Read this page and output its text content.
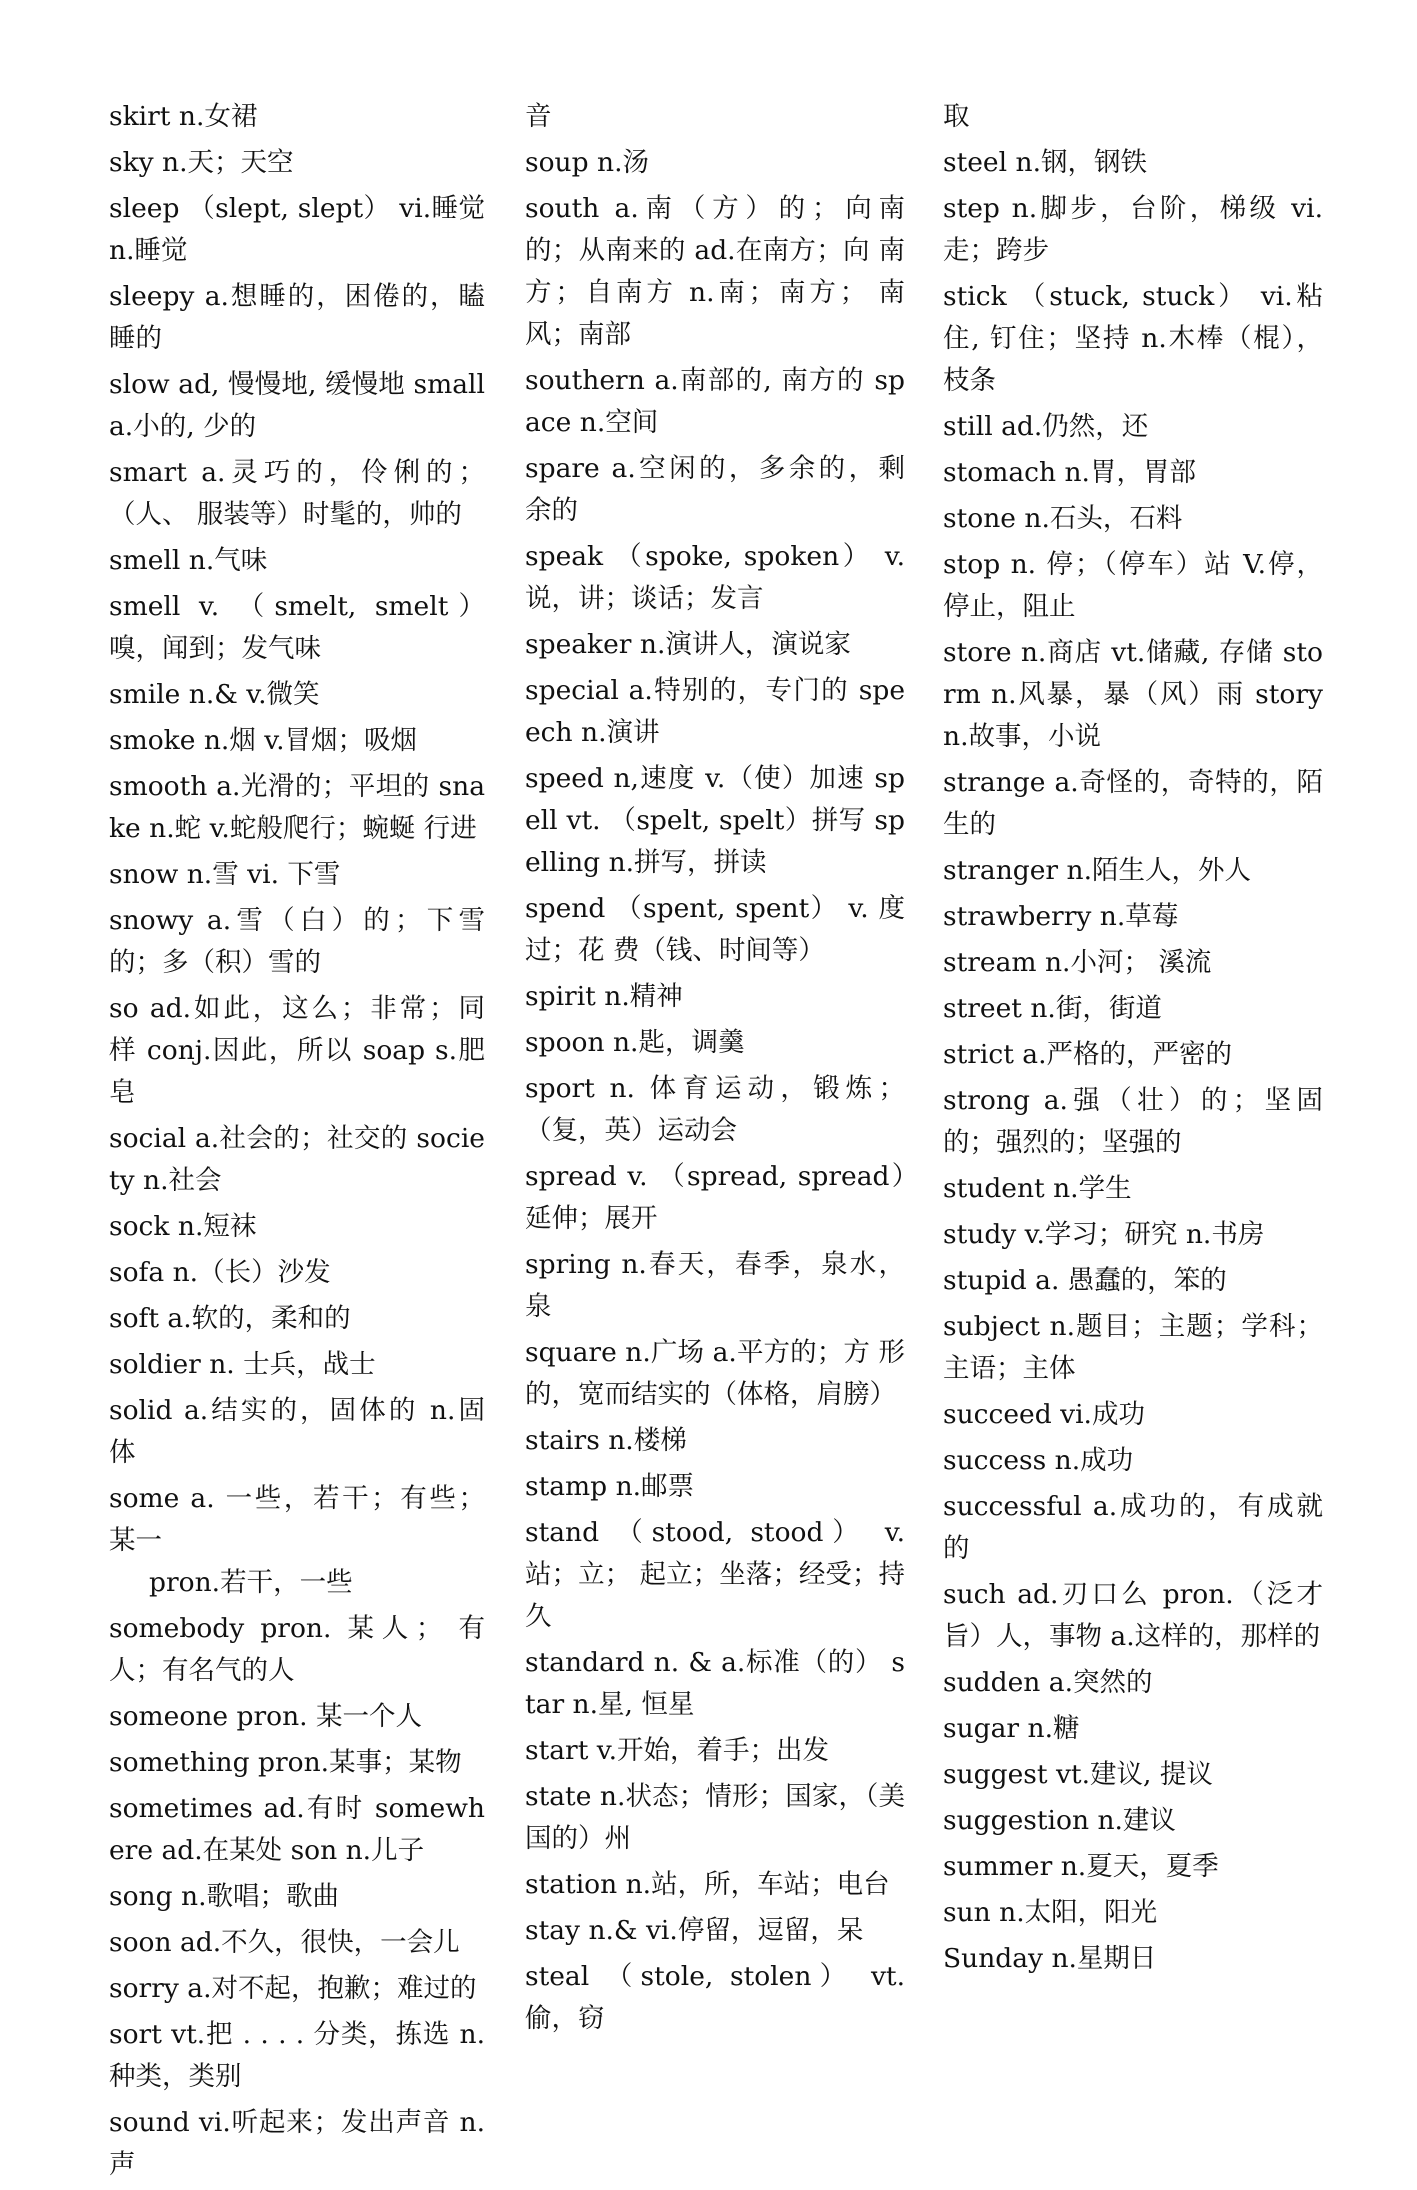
skirt n.女裙
sky n.天；天空
sleep （slept, slept） vi.睡觉 n.睡觉
sleepy a.想睡的，困倦的，瞌睡的
slow ad, 慢慢地, 缓慢地 small a.小的, 少的
smart a.灵巧的，伶俐的；（人、 服装等）时髦的，帅的
smell n.气味
smell v. （smelt, smelt）嗅，闻到；发气味
smile n.& v.微笑
smoke n.烟 v.冒烟；吸烟
smooth a.光滑的；平坦的 snake n.蛇 v.蛇般爬行；蜿蜒 行进
snow n.雪 vi. 下雪
snowy a.雪（白）的；下雪的；多（积）雪的
so ad.如此，这么；非常；同 样 conj.因此，所以 soap s.肥皂
social a.社会的；社交的 society n.社会
sock n.短袜
sofa n.（长）沙发
soft a.软的，柔和的
soldier n. 士兵，战士
solid a.结实的，固体的 n.固 体
some a. 一些，若干；有些； 某一
pron.若干，一些
somebody pron. 某人； 有人；有名气的人
someone pron. 某一个人
something pron.某事；某物
sometimes ad.有时 somewhere ad.在某处 son n.儿子
song n.歌唱；歌曲
soon ad.不久，很快，一会儿
sorry a.对不起，抱歉；难过的
sort vt.把 . . . . 分类，拣选 n.种类，类别
sound vi.听起来；发出声音 n. 声
音
soup n.汤
south a.南（方）的；向南 的；从南来的 ad.在南方；向 南方；自南方 n.南；南方； 南风；南部
southern a.南部的, 南方的 space n.空间
spare a.空闲的，多余的，剩 余的
speak （spoke, spoken） v.说，讲；谈话；发言
speaker n.演讲人，演说家
special a.特别的，专门的 speech n.演讲
speed n,速度 v.（使）加速 spell vt. （spelt, spelt）拼写 spelling n.拼写，拼读
spend （spent, spent） v. 度过；花 费（钱、时间等）
spirit n.精神
spoon n.匙，调羹
sport n. 体育运动，锻炼；（复，英）运动会
spread v. （spread, spread）延伸；展开
spring n.春天，春季，泉水，泉
square n.广场 a.平方的；方 形的，宽而结实的（体格，肩膀）
stairs n.楼梯
stamp n.邮票
stand （stood, stood） v. 站；立； 起立；坐落；经受；持久
standard n. & a.标准（的） star n.星, 恒星
start v.开始，着手；出发
state n.状态；情形；国家，（美国的）州
station n.站，所，车站；电台
stay n.& vi.停留，逗留，呆
steal （stole, stolen） vt.偷，窃
取
steel n.钢，钢铁
step n.脚步，台阶，梯级 vi.走；跨步
stick （stuck, stuck） vi.粘住, 钉住；坚持 n.木棒（棍），枝条
still ad.仍然，还
stomach n.胃，胃部
stone n.石头，石料
stop n. 停；（停车）站 V.停，停止，阻止
store n.商店 vt.储藏, 存储 storm n.风暴，暴（风）雨 story n.故事，小说
strange a.奇怪的，奇特的，陌生的
stranger n.陌生人，外人
strawberry n.草莓
stream n.小河； 溪流
street n.街，街道
strict a.严格的，严密的
strong a.强（壮）的；坚固 的；强烈的；坚强的
student n.学生
study v.学习；研究 n.书房
stupid a. 愚蠢的，笨的
subject n.题目；主题；学科；主语；主体
succeed vi.成功
success n.成功
successful a.成功的，有成就 的
such ad.刃口么 pron.（泛才旨）人，事物 a.这样的，那样的
sudden a.突然的
sugar n.糖
suggest vt.建议, 提议
suggestion n.建议
summer n.夏天，夏季
sun n.太阳，阳光
Sunday n.星期日
